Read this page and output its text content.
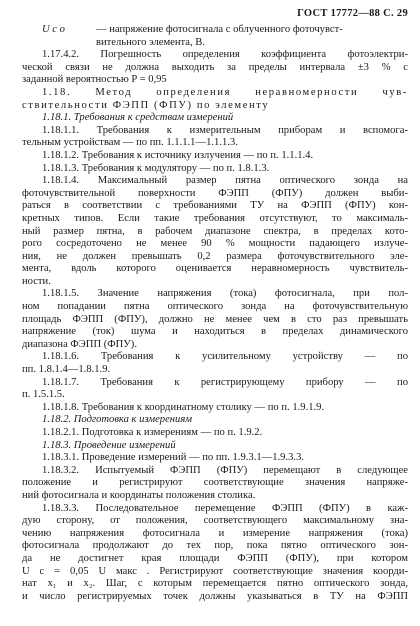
ГОСТ 17772—88 С. 29
U c o	— напряжение фотосигнала с облученного фоточувст-
вительного элемента, В.
1.17.4.2. Погрешность определения коэффициента фотоэлектри-
ческой связи не должна выходить за пределы интервала ±3 % с
заданной вероятностью P = 0,95
1.18. Метод определения неравномерности чув-
ствительности ФЭПП (ФПУ) по элементу
1.18.1. Требования к средствам измерений
1.18.1.1. Требования к измерительным приборам и вспомога-
тельным устройствам — по пп. 1.1.1.1—1.1.1.3.
1.18.1.2. Требования к источнику излучения — по п. 1.1.1.4.
1.18.1.3. Требования к модулятору — по п. 1.8.1.3.
1.18.1.4. Максимальный размер пятна оптического зонда на
фоточувствительной поверхности ФЭПП (ФПУ) должен выби-
раться в соответствии с требованиями ТУ на ФЭПП (ФПУ) кон-
кретных типов. Если такие требования отсутствуют, то максималь-
ный размер пятна, в рабочем диапазоне спектра, в пределах кото-
рого сосредоточено не менее 90 % мощности падающего излуче-
ния, не должен превышать 0,2 размера фоточувствительного эле-
мента, вдоль которого оценивается неравномерность чувствитель-
ности.
1.18.1.5. Значение напряжения (тока) фотосигнала, при пол-
ном попадании пятна оптического зонда на фоточувствительную
площадь ФЭПП (ФПУ), должно не менее чем в сто раз превышать
напряжение (ток) шума и находиться в пределах динамического
диапазона ФЭПП (ФПУ).
1.18.1.6. Требования к усилительному устройству — по
пп. 1.8.1.4—1.8.1.9.
1.18.1.7. Требования к регистрирующему прибору — по
п. 1.5.1.5.
1.18.1.8. Требования к координатному столику — по п. 1.9.1.9.
1.18.2. Подготовка к измерениям
1.18.2.1. Подготовка к измерениям — по п. 1.9.2.
1.18.3. Проведение измерений
1.18.3.1. Проведение измерений — по пп. 1.9.3.1—1.9.3.3.
1.18.3.2. Испытуемый ФЭПП (ФПУ) перемещают в следующее
положение и регистрируют соответствующие значения напряже-
ний фотосигнала и координаты положения столика.
1.18.3.3. Последовательное перемещение ФЭПП (ФПУ) в каж-
дую сторону, от положения, соответствующего максимальному зна-
чению напряжения фотосигнала и измерение напряжения (тока)
фотосигнала продолжают до тех пор, пока пятно оптического зон-
да не достигнет края площади ФЭПП (ФПУ), при котором
U с = 0,05 U макс . Регистрируют соответствующие значения коорди-
нат x₁ и x₂. Шаг, с которым перемещается пятно оптического зонда,
и число регистрируемых точек должны указываться в ТУ на ФЭПП
